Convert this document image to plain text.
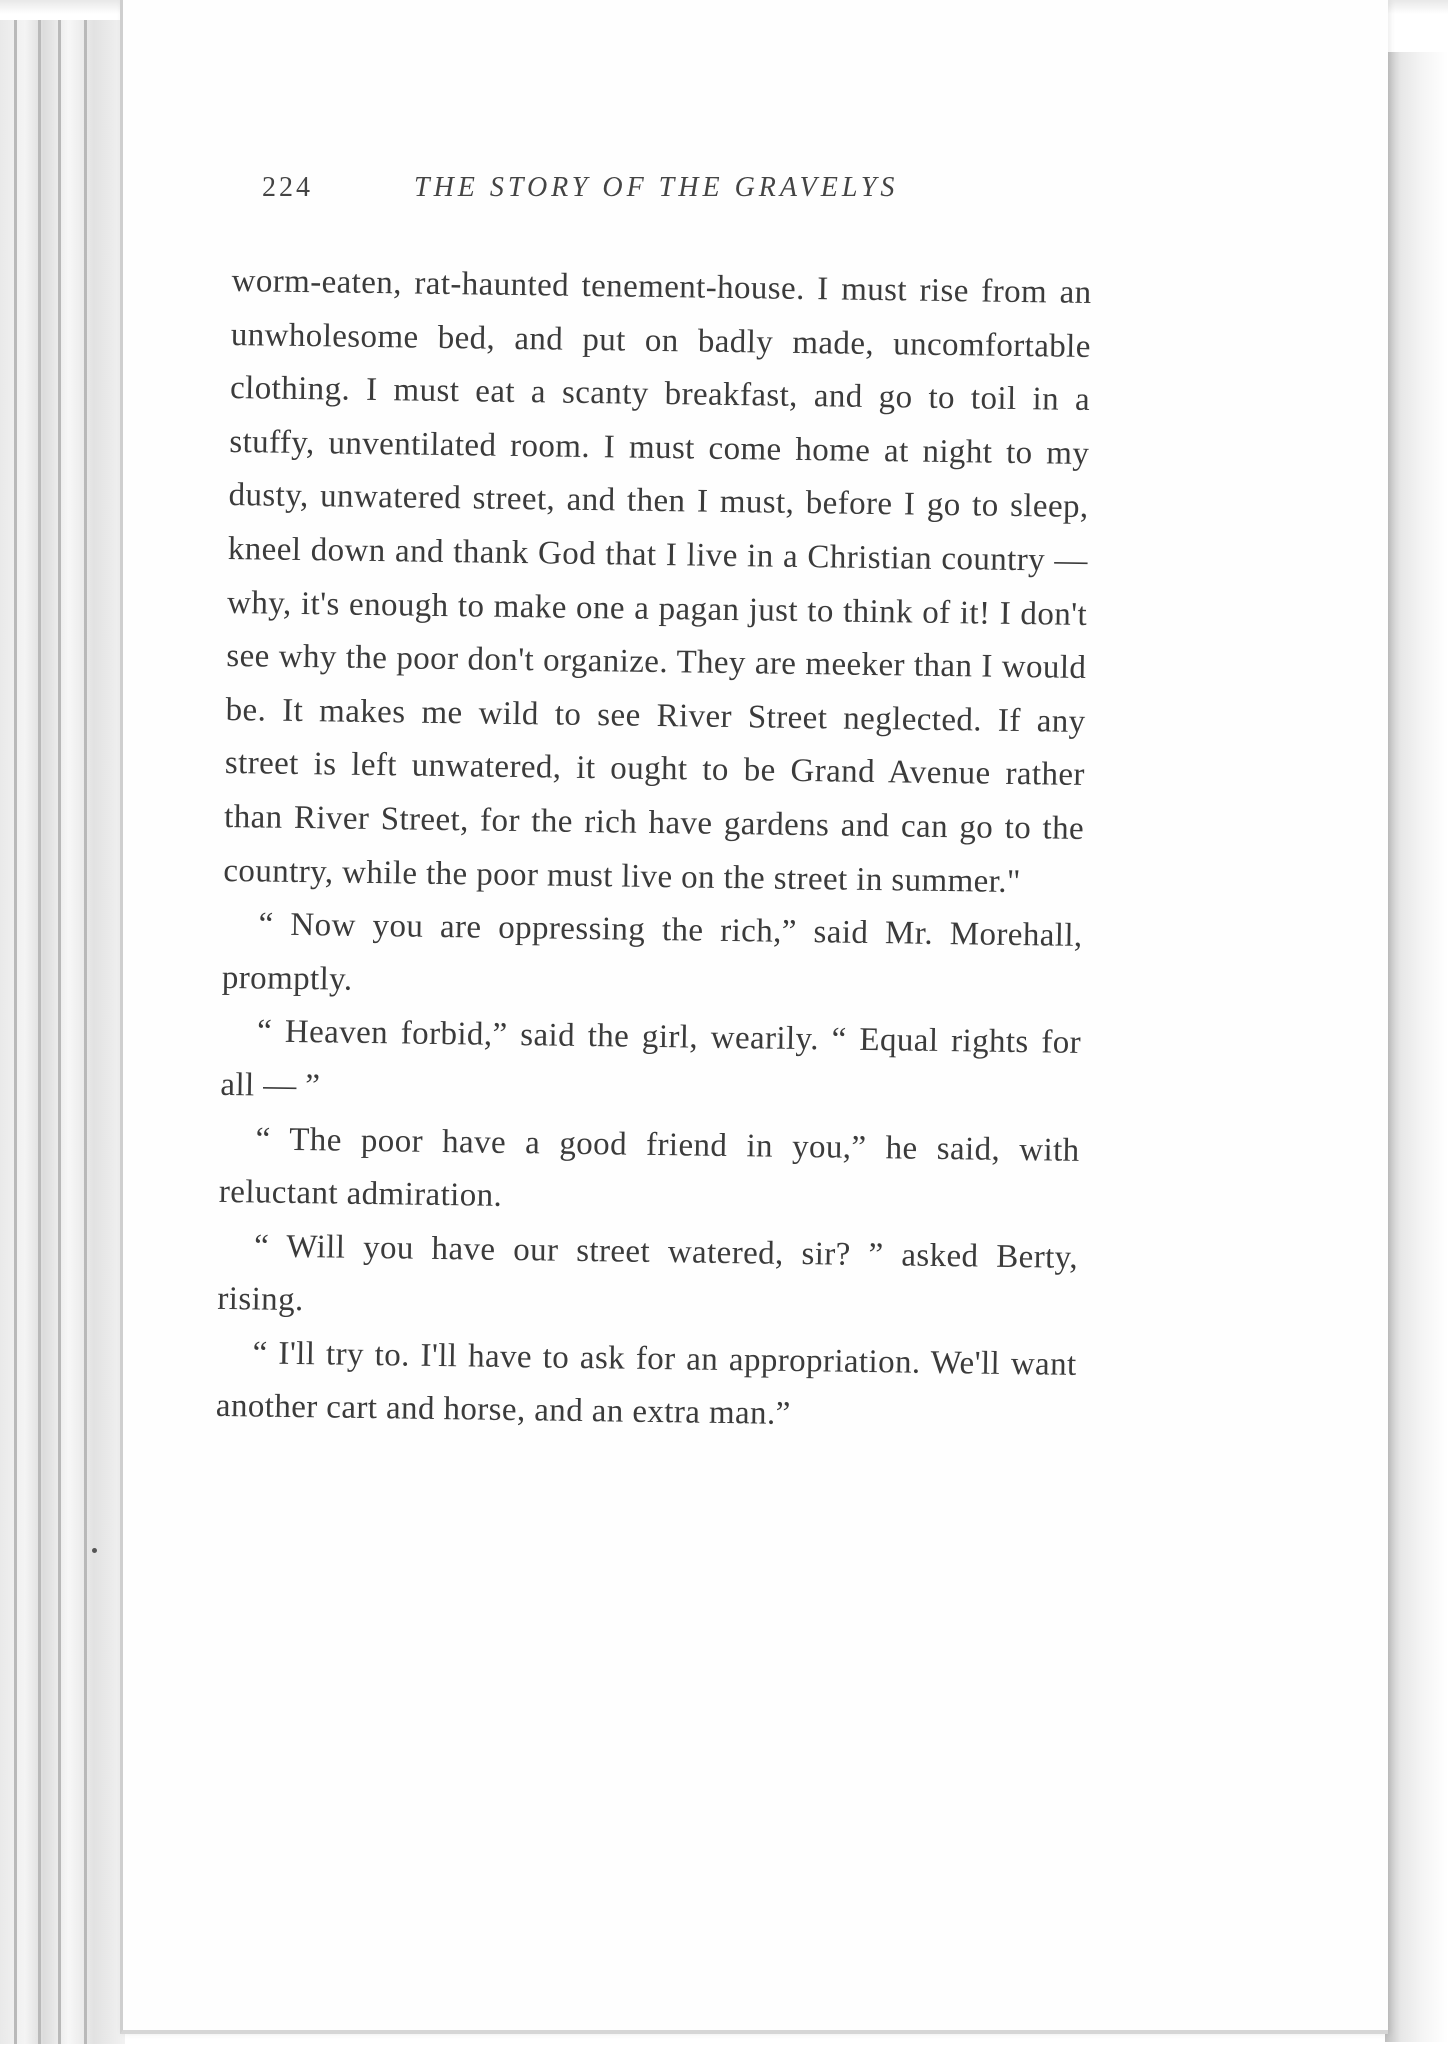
224	THE STORY OF THE GRAVELYS

worm-eaten, rat-haunted tenement-house. I must rise from an unwholesome bed, and put on badly made, uncomfortable clothing. I must eat a scanty breakfast, and go to toil in a stuffy, unventilated room. I must come home at night to my dusty, unwatered street, and then I must, before I go to sleep, kneel down and thank God that I live in a Christian country — why, it's enough to make one a pagan just to think of it! I don't see why the poor don't organize. They are meeker than I would be. It makes me wild to see River Street neglected. If any street is left unwatered, it ought to be Grand Avenue rather than River Street, for the rich have gardens and can go to the country, while the poor must live on the street in summer."

“ Now you are oppressing the rich,” said Mr. Morehall, promptly.

“ Heaven forbid,” said the girl, wearily. “ Equal rights for all — ”

“ The poor have a good friend in you,” he said, with reluctant admiration.

“ Will you have our street watered, sir? ” asked Berty, rising.

“ I'll try to. I'll have to ask for an appropriation. We'll want another cart and horse, and an extra man.”
